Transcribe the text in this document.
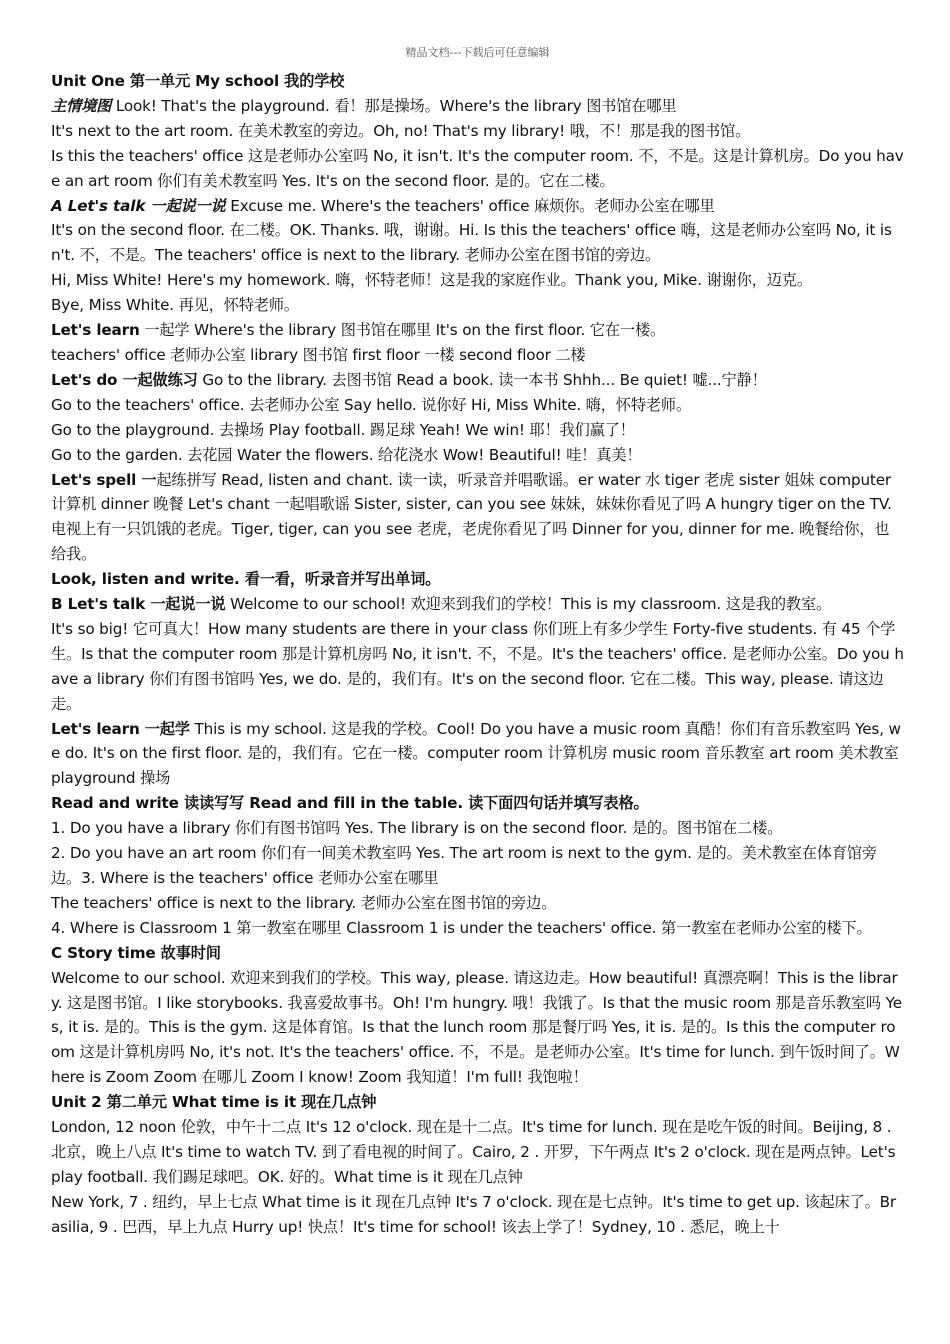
精品文档---下载后可任意编辑
Unit One 第一单元 My school 我的学校
主情境图 Look! That's the playground. 看！那是操场。Where's the library 图书馆在哪里
It's next to the art room. 在美术教室的旁边。Oh, no! That's my library! 哦，不！那是我的图书馆。
Is this the teachers' office 这是老师办公室吗 No, it isn't. It's the computer room. 不，不是。这是计算机房。Do you have an art room 你们有美术教室吗 Yes. It's on the second floor. 是的。它在二楼。
A Let's talk 一起说一说 Excuse me. Where's the teachers' office 麻烦你。老师办公室在哪里
It's on the second floor. 在二楼。OK. Thanks. 哦，谢谢。Hi. Is this the teachers' office 嗨，这是老师办公室吗 No, it isn't. 不，不是。The teachers' office is next to the library. 老师办公室在图书馆的旁边。
Hi, Miss White! Here's my homework. 嗨，怀特老师！这是我的家庭作业。Thank you, Mike. 谢谢你，迈克。
Bye, Miss White. 再见，怀特老师。
Let's learn 一起学 Where's the library 图书馆在哪里 It's on the first floor. 它在一楼。
teachers' office 老师办公室 library 图书馆 first floor 一楼 second floor 二楼
Let's do 一起做练习 Go to the library. 去图书馆 Read a book. 读一本书 Shhh... Be quiet! 嘘...宁静！
Go to the teachers' office. 去老师办公室 Say hello. 说你好 Hi, Miss White. 嗨，怀特老师。
Go to the playground. 去操场 Play football. 踢足球 Yeah! We win! 耶！我们赢了！
Go to the garden. 去花园 Water the flowers. 给花浇水 Wow! Beautiful! 哇！真美！
Let's spell 一起练拼写 Read, listen and chant. 读一读，听录音并唱歌谣。er water 水 tiger 老虎 sister 姐妹 computer 计算机 dinner 晚餐 Let's chant 一起唱歌谣 Sister, sister, can you see 妹妹，妹妹你看见了吗 A hungry tiger on the TV. 电视上有一只饥饿的老虎。Tiger, tiger, can you see 老虎，老虎你看见了吗 Dinner for you, dinner for me. 晚餐给你，也给我。
Look, listen and write. 看一看，听录音并写出单词。
B Let's talk 一起说一说 Welcome to our school! 欢迎来到我们的学校！This is my classroom. 这是我的教室。
It's so big! 它可真大！How many students are there in your class 你们班上有多少学生 Forty-five students. 有 45 个学生。Is that the computer room 那是计算机房吗 No, it isn't. 不，不是。It's the teachers' office. 是老师办公室。Do you have a library 你们有图书馆吗 Yes, we do. 是的，我们有。It's on the second floor. 它在二楼。This way, please. 请这边走。
Let's learn 一起学 This is my school. 这是我的学校。Cool! Do you have a music room 真酷！你们有音乐教室吗 Yes, we do. It's on the first floor. 是的，我们有。它在一楼。computer room 计算机房 music room 音乐教室 art room 美术教室 playground 操场
Read and write 读读写写 Read and fill in the table. 读下面四句话并填写表格。
1. Do you have a library 你们有图书馆吗 Yes. The library is on the second floor. 是的。图书馆在二楼。
2. Do you have an art room 你们有一间美术教室吗 Yes. The art room is next to the gym. 是的。美术教室在体育馆旁边。3. Where is the teachers' office 老师办公室在哪里
The teachers' office is next to the library. 老师办公室在图书馆的旁边。
4. Where is Classroom 1 第一教室在哪里 Classroom 1 is under the teachers' office. 第一教室在老师办公室的楼下。
C Story time 故事时间
Welcome to our school. 欢迎来到我们的学校。This way, please. 请这边走。How beautiful! 真漂亮啊！This is the library. 这是图书馆。I like storybooks. 我喜爱故事书。Oh! I'm hungry. 哦！我饿了。Is that the music room 那是音乐教室吗 Yes, it is. 是的。This is the gym. 这是体育馆。Is that the lunch room 那是餐厅吗 Yes, it is. 是的。Is this the computer room 这是计算机房吗 No, it's not. It's the teachers' office. 不，不是。是老师办公室。It's time for lunch. 到午饭时间了。Where is Zoom Zoom 在哪儿 Zoom I know! Zoom 我知道！I'm full! 我饱啦！
Unit 2 第二单元 What time is it 现在几点钟
London, 12 noon 伦敦，中午十二点 It's 12 o'clock. 现在是十二点。It's time for lunch. 现在是吃午饭的时间。Beijing, 8 . 北京，晚上八点 It's time to watch TV. 到了看电视的时间了。Cairo, 2 . 开罗，下午两点 It's 2 o'clock. 现在是两点钟。Let's play football. 我们踢足球吧。OK. 好的。What time is it 现在几点钟
New York, 7 . 纽约，早上七点 What time is it 现在几点钟 It's 7 o'clock. 现在是七点钟。It's time to get up. 该起床了。Brasilia, 9 . 巴西，早上九点 Hurry up! 快点！It's time for school! 该去上学了！Sydney, 10 . 悉尼，晚上十
